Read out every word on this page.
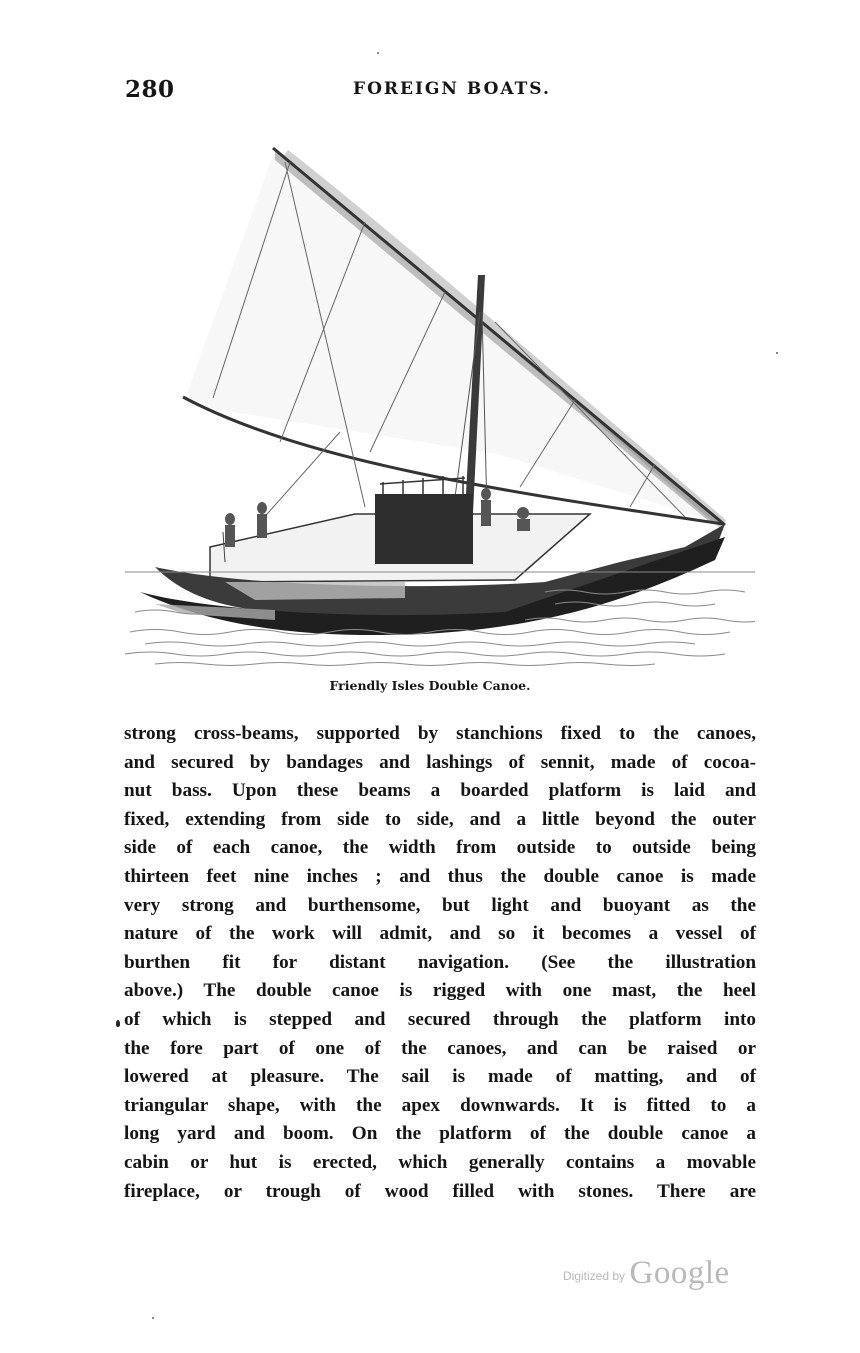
280	FOREIGN BOATS.
Friendly Isles Double Canoe.
strong cross-beams, supported by stanchions fixed to the canoes,
and secured by bandages and lashings of sennit, made of cocoa-
nut bass. Upon these beams a boarded platform is laid and
fixed, extending from side to side, and a little beyond the outer
side of each canoe, the width from outside to outside being
thirteen feet nine inches ; and thus the double canoe is made
very strong and burthensome, but light and buoyant as the
nature of the work will admit, and so it becomes a vessel of
burthen fit for distant navigation. (See the illustration
above.) The double canoe is rigged with one mast, the heel
of which is stepped and secured through the platform into
the fore part of one of the canoes, and can be raised or
lowered at pleasure. The sail is made of matting, and of
triangular shape, with the apex downwards. It is fitted to a
long yard and boom. On the platform of the double canoe a
cabin or hut is erected, which generally contains a movable
fireplace, or trough of wood filled with stones. There are
Digitized by Google
